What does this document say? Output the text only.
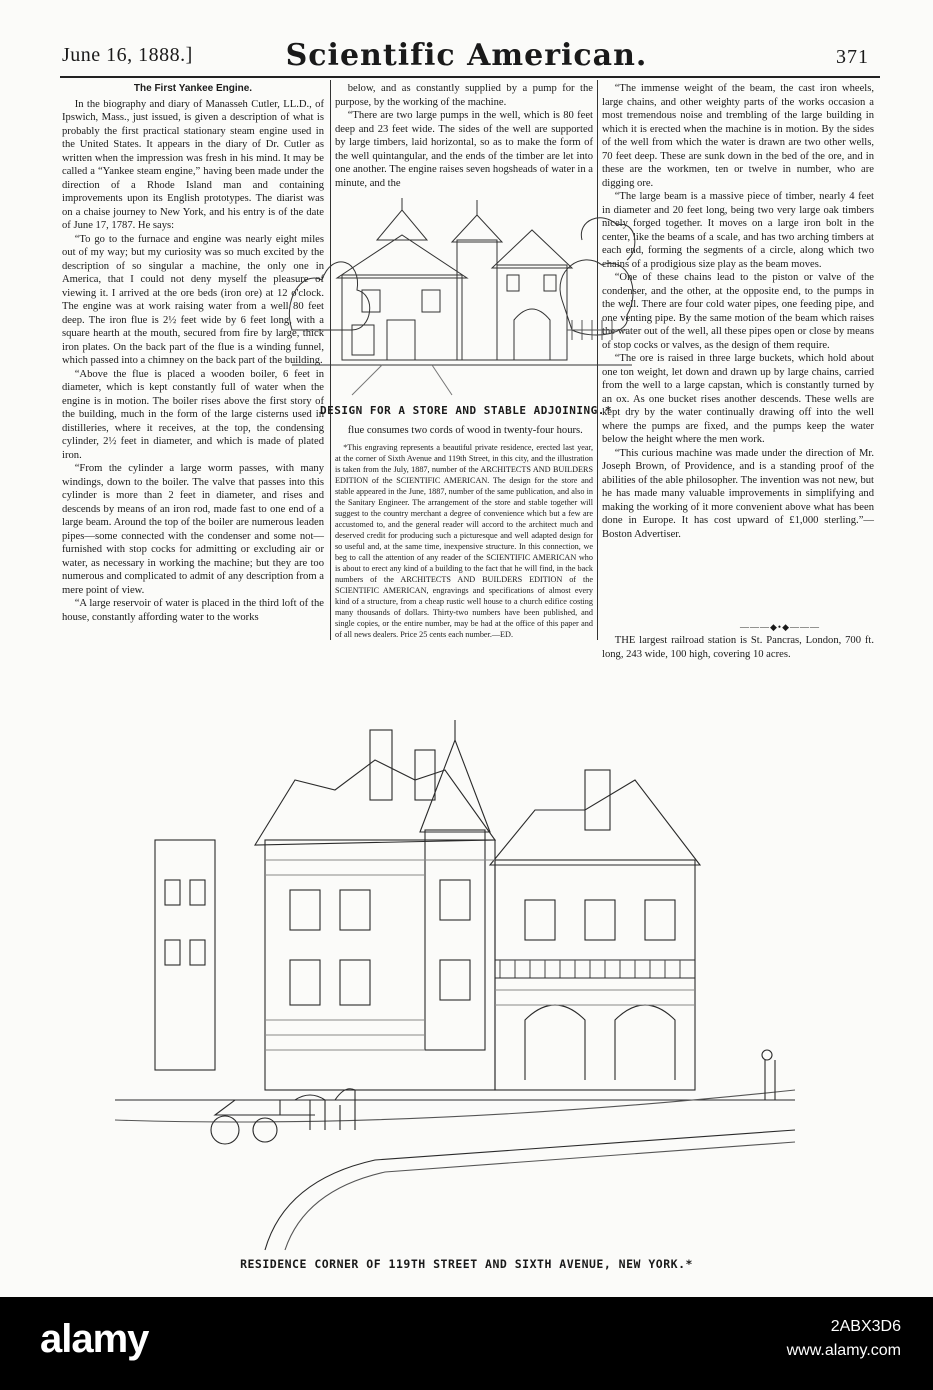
June 16, 1888.]	Scientific American.	371
The First Yankee Engine.

In the biography and diary of Manasseh Cutler, LL.D., of Ipswich, Mass., just issued, is given a description of what is probably the first practical stationary steam engine used in the United States. It appears in the diary of Dr. Cutler as written when the impression was fresh in his mind. It may be called a “Yankee steam engine,” having been made under the direction of a Rhode Island man and containing improvements upon its English prototypes. The diarist was on a chaise journey to New York, and his entry is of the date of June 17, 1787. He says:

“To go to the furnace and engine was nearly eight miles out of my way; but my curiosity was so much excited by the description of so singular a machine, the only one in America, that I could not deny myself the pleasure of viewing it. I arrived at the ore beds (iron ore) at 12 o'clock. The engine was at work raising water from a well 80 feet deep. The iron flue is 2½ feet wide by 6 feet long, with a square hearth at the mouth, secured from fire by large, thick iron plates. On the back part of the flue is a winding funnel, which passed into a chimney on the back part of the building.

“Above the flue is placed a wooden boiler, 6 feet in diameter, which is kept constantly full of water when the engine is in motion. The boiler rises above the first story of the building, much in the form of the large cisterns used in distilleries, where it receives, at the top, the condensing cylinder, 2½ feet in diameter, and which is made of plated iron.

“From the cylinder a large worm passes, with many windings, down to the boiler. The valve that passes into this cylinder is more than 2 feet in diameter, and rises and descends by means of an iron rod, made fast to one end of a large beam. Around the top of the boiler are numerous leaden pipes—some connected with the condenser and some not—furnished with stop cocks for admitting or excluding air or water, as necessary in working the machine; but they are too numerous and complicated to admit of any description from a mere point of view.

“A large reservoir of water is placed in the third loft of the house, constantly affording water to the works

below, and as constantly supplied by a pump for the purpose, by the working of the machine.

“There are two large pumps in the well, which is 80 feet deep and 23 feet wide. The sides of the well are supported by large timbers, laid horizontal, so as to make the form of the well quintangular, and the ends of the timber are let into one another. The engine raises seven hogsheads of water in a minute, and the

“The immense weight of the beam, the cast iron wheels, large chains, and other weighty parts of the works occasion a most tremendous noise and trembling of the large building in which it is erected when the machine is in motion. By the sides of the well from which the water is drawn are two other wells, 70 feet deep. These are sunk down in the bed of the ore, and in these are the workmen, ten or twelve in number, who are digging ore.

“The large beam is a massive piece of timber, nearly 4 feet in diameter and 20 feet long, being two very large oak timbers nicely forged together. It moves on a large iron bolt in the center, like the beams of a scale, and has two arching timbers at each end, forming the segments of a circle, along which two chains of a prodigious size play as the beam moves.

“One of these chains lead to the piston or valve of the condenser, and the other, at the opposite end, to the pumps in the well. There are four cold water pipes, one feeding pipe, and one venting pipe. By the same motion of the beam which raises the water out of the well, all these pipes open or close by means of stop cocks or valves, as the design of them require.

“The ore is raised in three large buckets, which hold about one ton weight, let down and drawn up by large chains, carried from the well to a large capstan, which is constantly turned by an ox. As one bucket rises another descends. These wells are kept dry by the water continually drawing off into the well where the pumps are fixed, and the pumps keep the water below the height where the men work.

“This curious machine was made under the direction of Mr. Joseph Brown, of Providence, and is a standing proof of the abilities of the able philosopher. The invention was not new, but he has made many valuable improvements in simplifying and making the working of it more convenient above what has been done in Europe. It has cost upward of £1,000 sterling.”—Boston Advertiser.

———◆•◆———

THE largest railroad station is St. Pancras, London, 700 ft. long, 243 wide, 100 high, covering 10 acres.

DESIGN FOR A STORE AND STABLE ADJOINING.*

flue consumes two cords of wood in twenty-four hours.

*This engraving represents a beautiful private residence, erected last year, at the corner of Sixth Avenue and 119th Street, in this city, and the illustration is taken from the July, 1887, number of the ARCHITECTS AND BUILDERS EDITION of the SCIENTIFIC AMERICAN. The design for the store and stable appeared in the June, 1887, number of the same publication, and also in the Sanitary Engineer. The arrangement of the store and stable together will suggest to the country merchant a degree of convenience which but a few are accustomed to, and the general reader will accord to the architect much and deserved credit for producing such a picturesque and well adapted design for so useful and, at the same time, inexpensive structure. In this connection, we beg to call the attention of any reader of the SCIENTIFIC AMERICAN who is about to erect any kind of a building to the fact that he will find, in the back numbers of the ARCHITECTS AND BUILDERS EDITION of the SCIENTIFIC AMERICAN, engravings and specifications of almost every kind of a structure, from a cheap rustic well house to a church edifice costing many thousands of dollars. Thirty-two numbers have been published, and single copies, or the entire number, may be had at the office of this paper and of all news dealers. Price 25 cents each number.—ED.

RESIDENCE CORNER OF 119TH STREET AND SIXTH AVENUE, NEW YORK.*
alamy	2ABX3D6
www.alamy.com
